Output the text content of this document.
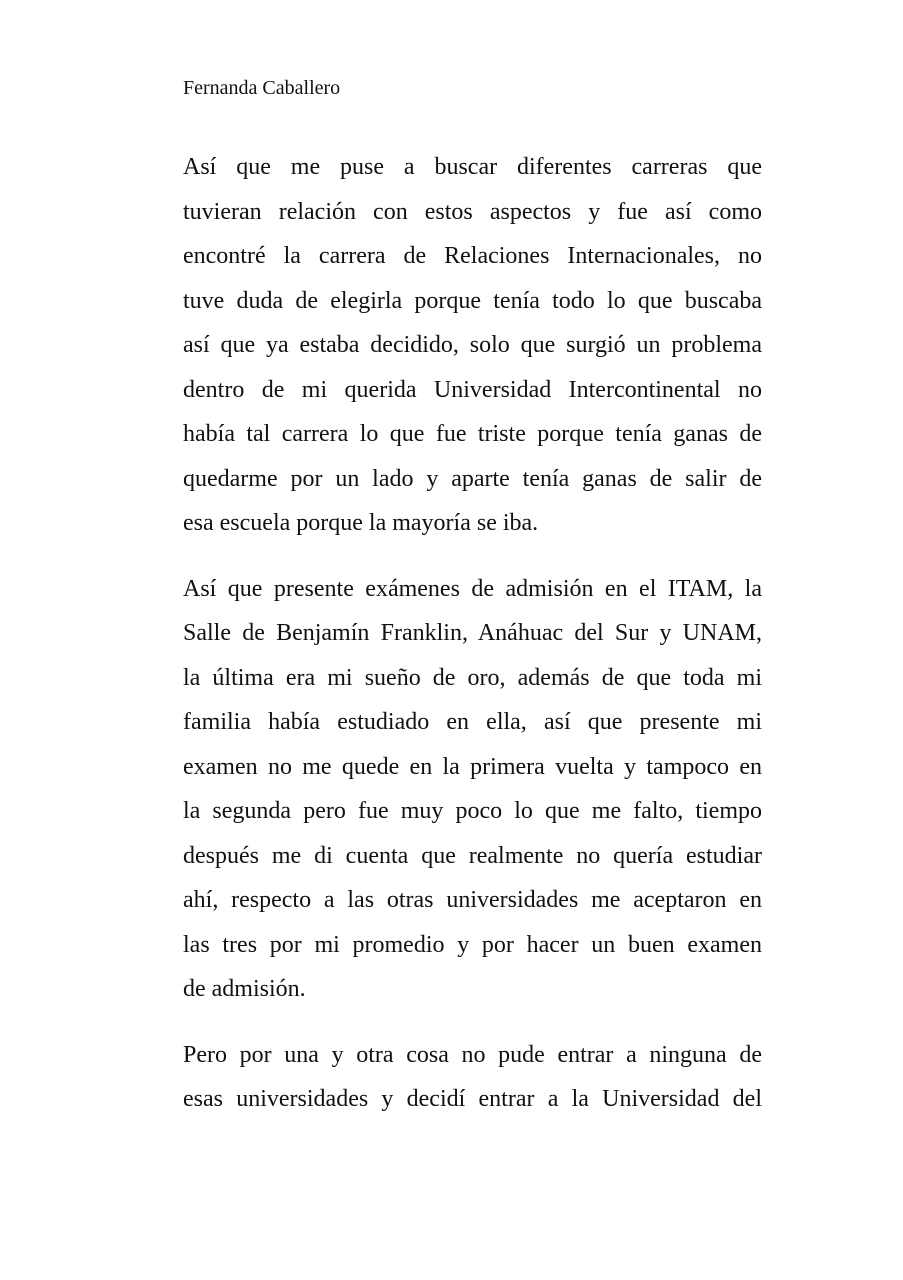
Fernanda Caballero

Así que me puse a buscar diferentes carreras que
tuvieran relación con estos aspectos y fue así como
encontré la carrera de Relaciones Internacionales, no
tuve duda de elegirla porque tenía todo lo que buscaba
así que ya estaba decidido, solo que surgió un problema
dentro de mi querida Universidad Intercontinental no
había tal carrera lo que fue triste porque tenía ganas de
quedarme por un lado y aparte tenía ganas de salir de
esa escuela porque la mayoría se iba.

Así que presente exámenes de admisión en el ITAM, la
Salle de Benjamín Franklin, Anáhuac del Sur y UNAM,
la última era mi sueño de oro, además de que toda mi
familia había estudiado en ella, así que presente mi
examen no me quede en la primera vuelta y tampoco en
la segunda pero fue muy poco lo que me falto, tiempo
después me di cuenta que realmente no quería estudiar
ahí, respecto a las otras universidades me aceptaron en
las tres por mi promedio y por hacer un buen examen
de admisión.

Pero por una y otra cosa no pude entrar a ninguna de
esas universidades y decidí entrar a la Universidad del
